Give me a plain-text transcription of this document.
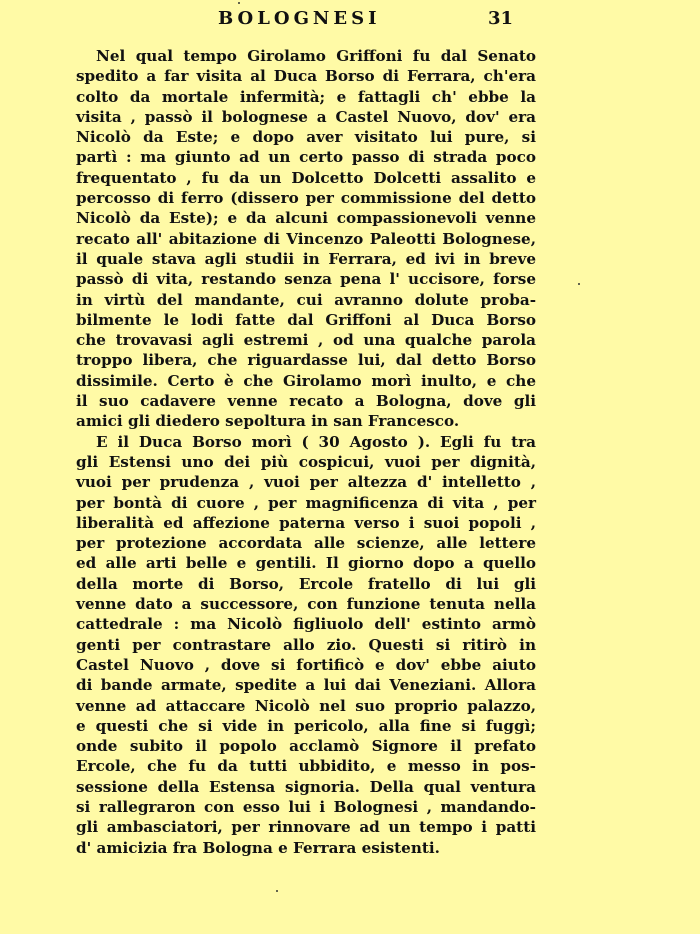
BOLOGNESI	31

Nel qual tempo Girolamo Griffoni fu dal Senato
spedito a far visita al Duca Borso di Ferrara, ch'era
colto da mortale infermità; e fattagli ch' ebbe la
visita , passò il bolognese a Castel Nuovo, dov' era
Nicolò da Este; e dopo aver visitato lui pure, si
partì : ma giunto ad un certo passo di strada poco
frequentato , fu da un Dolcetto Dolcetti assalito e
percosso di ferro (dissero per commissione del detto
Nicolò da Este); e da alcuni compassionevoli venne
recato all' abitazione di Vincenzo Paleotti Bolognese,
il quale stava agli studii in Ferrara, ed ivi in breve
passò di vita, restando senza pena l' uccisore, forse
in virtù del mandante, cui avranno dolute proba-
bilmente le lodi fatte dal Griffoni al Duca Borso
che trovavasi agli estremi , od una qualche parola
troppo libera, che riguardasse lui, dal detto Borso
dissimile. Certo è che Girolamo morì inulto, e che
il suo cadavere venne recato a Bologna, dove gli
amici gli diedero sepoltura in san Francesco.

E il Duca Borso morì ( 30 Agosto ). Egli fu tra
gli Estensi uno dei più cospicui, vuoi per dignità,
vuoi per prudenza , vuoi per altezza d' intelletto ,
per bontà di cuore , per magnificenza di vita , per
liberalità ed affezione paterna verso i suoi popoli ,
per protezione accordata alle scienze, alle lettere
ed alle arti belle e gentili. Il giorno dopo a quello
della morte di Borso, Ercole fratello di lui gli
venne dato a successore, con funzione tenuta nella
cattedrale : ma Nicolò figliuolo dell' estinto armò
genti per contrastare allo zio. Questi si ritirò in
Castel Nuovo , dove si fortificò e dov' ebbe aiuto
di bande armate, spedite a lui dai Veneziani. Allora
venne ad attaccare Nicolò nel suo proprio palazzo,
e questi che si vide in pericolo, alla fine si fuggì;
onde subito il popolo acclamò Signore il prefato
Ercole, che fu da tutti ubbidito, e messo in pos-
sessione della Estensa signoria. Della qual ventura
si rallegraron con esso lui i Bolognesi , mandando-
gli ambasciatori, per rinnovare ad un tempo i patti
d' amicizia fra Bologna e Ferrara esistenti.
